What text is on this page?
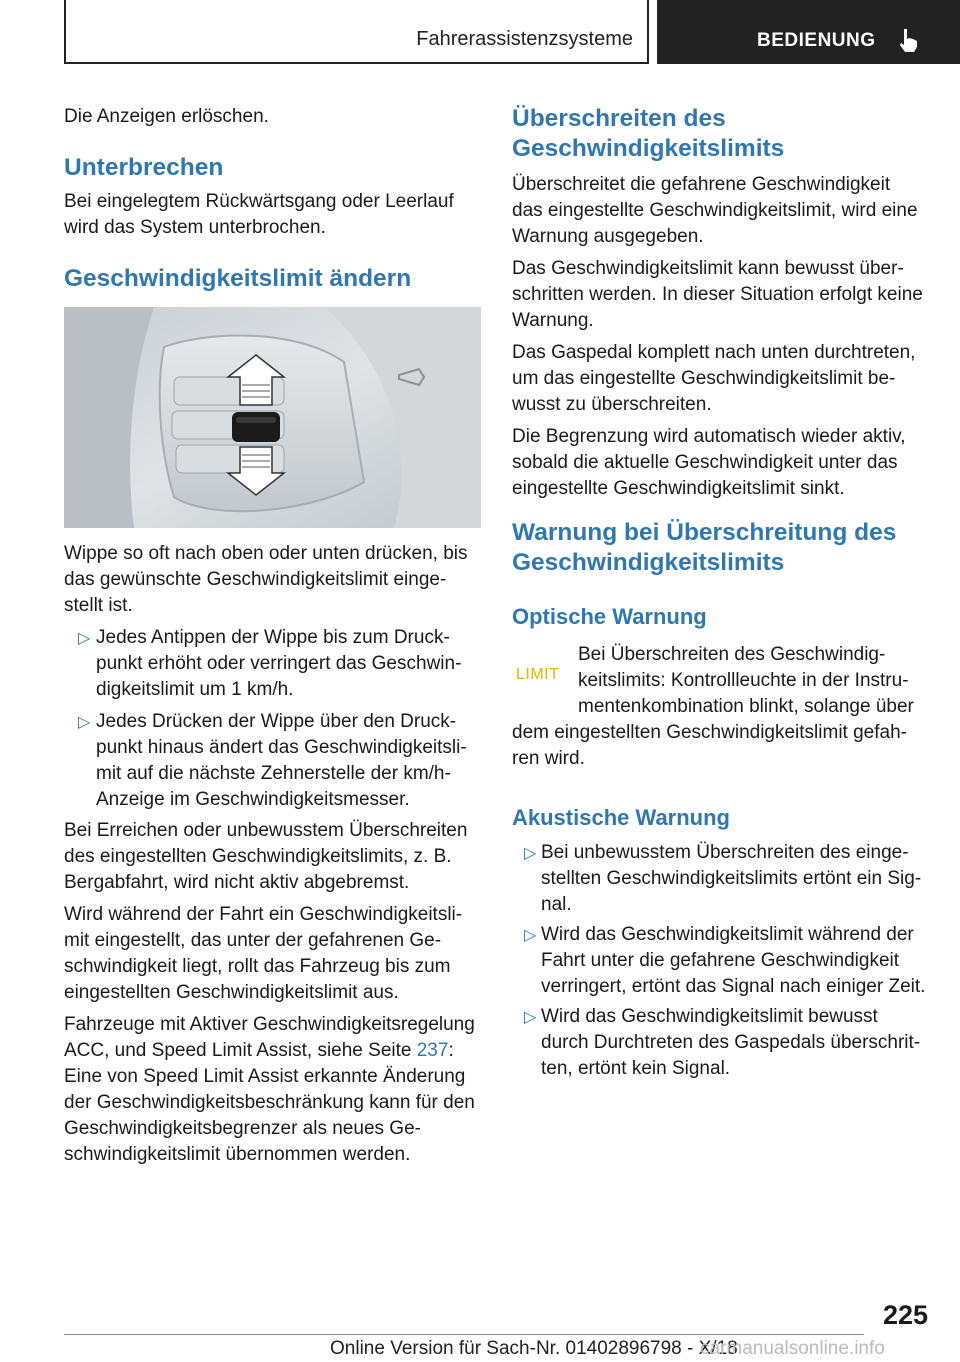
Fahrerassistenzsysteme	BEDIENUNG
Die Anzeigen erlöschen.
Unterbrechen
Bei eingelegtem Rückwärtsgang oder Leerlauf
wird das System unterbrochen.
Geschwindigkeitslimit ändern
Wippe so oft nach oben oder unten drücken, bis
das gewünschte Geschwindigkeitslimit einge-
stellt ist.
▷ Jedes Antippen der Wippe bis zum Druck-
punkt erhöht oder verringert das Geschwin-
digkeitslimit um 1 km/h.
▷ Jedes Drücken der Wippe über den Druck-
punkt hinaus ändert das Geschwindigkeitsli-
mit auf die nächste Zehnerstelle der km/h-
Anzeige im Geschwindigkeitsmesser.
Bei Erreichen oder unbewusstem Überschreiten
des eingestellten Geschwindigkeitslimits, z. B.
Bergabfahrt, wird nicht aktiv abgebremst.
Wird während der Fahrt ein Geschwindigkeitsli-
mit eingestellt, das unter der gefahrenen Ge-
schwindigkeit liegt, rollt das Fahrzeug bis zum
eingestellten Geschwindigkeitslimit aus.
Fahrzeuge mit Aktiver Geschwindigkeitsregelung
ACC, und Speed Limit Assist, siehe Seite 237:
Eine von Speed Limit Assist erkannte Änderung
der Geschwindigkeitsbeschränkung kann für den
Geschwindigkeitsbegrenzer als neues Ge-
schwindigkeitslimit übernommen werden.
Überschreiten des
Geschwindigkeitslimits
Überschreitet die gefahrene Geschwindigkeit
das eingestellte Geschwindigkeitslimit, wird eine
Warnung ausgegeben.
Das Geschwindigkeitslimit kann bewusst über-
schritten werden. In dieser Situation erfolgt keine
Warnung.
Das Gaspedal komplett nach unten durchtreten,
um das eingestellte Geschwindigkeitslimit be-
wusst zu überschreiten.
Die Begrenzung wird automatisch wieder aktiv,
sobald die aktuelle Geschwindigkeit unter das
eingestellte Geschwindigkeitslimit sinkt.
Warnung bei Überschreitung des
Geschwindigkeitslimits
Optische Warnung
LIMIT
Bei Überschreiten des Geschwindig-
keitslimits: Kontrollleuchte in der Instru-
mentenkombination blinkt, solange über
dem eingestellten Geschwindigkeitslimit gefah-
ren wird.
Akustische Warnung
▷ Bei unbewusstem Überschreiten des einge-
stellten Geschwindigkeitslimits ertönt ein Sig-
nal.
▷ Wird das Geschwindigkeitslimit während der
Fahrt unter die gefahrene Geschwindigkeit
verringert, ertönt das Signal nach einiger Zeit.
▷ Wird das Geschwindigkeitslimit bewusst
durch Durchtreten des Gaspedals überschrit-
ten, ertönt kein Signal.
225
Online Version für Sach-Nr. 01402896798 - X/18
carmanualsonline.info
